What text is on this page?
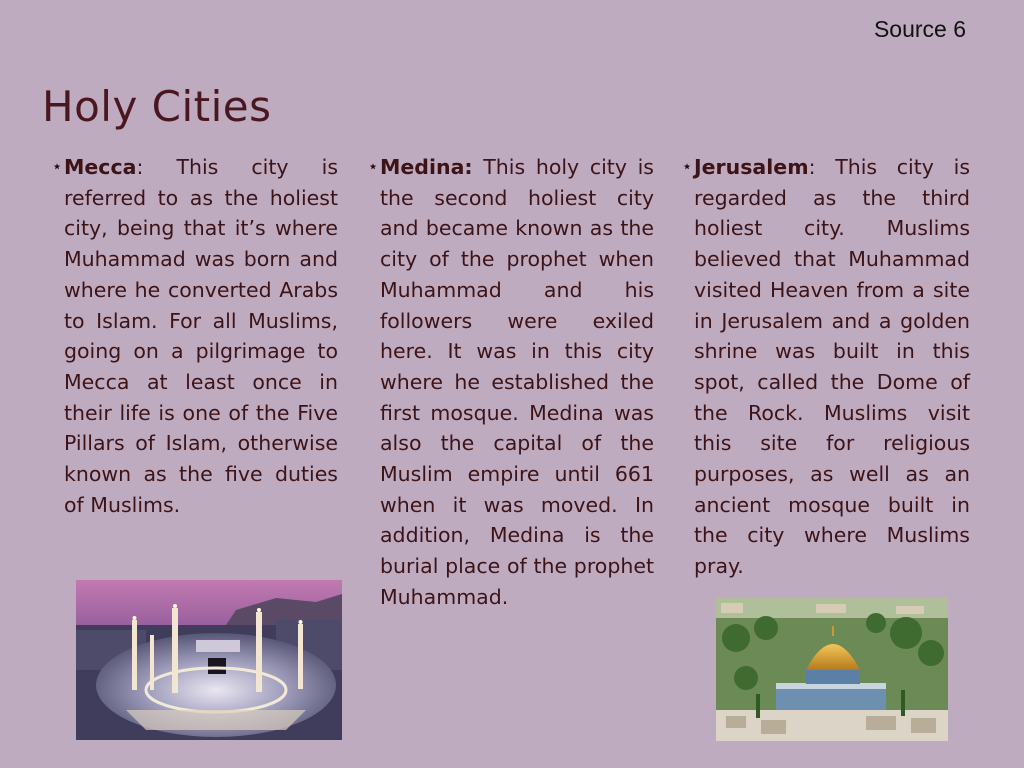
Source 6
Holy Cities

Mecca: This city is referred to as the holiest city, being that it’s where Muhammad was born and where he converted Arabs to Islam. For all Muslims, going on a pilgrimage to Mecca at least once in their life is one of the Five Pillars of Islam, otherwise known as the five duties of Muslims.

Medina: This holy city is the second holiest city and became known as the city of the prophet when Muhammad and his followers were exiled here. It was in this city where he established the first mosque. Medina was also the capital of the Muslim empire until 661 when it was moved. In addition, Medina is the burial place of the prophet Muhammad.

Jerusalem: This city is regarded as the third holiest city. Muslims believed that Muhammad visited Heaven from a site in Jerusalem and a golden shrine was built in this spot, called the Dome of the Rock. Muslims visit this site for religious purposes, as well as an ancient mosque built in the city where Muslims pray.
